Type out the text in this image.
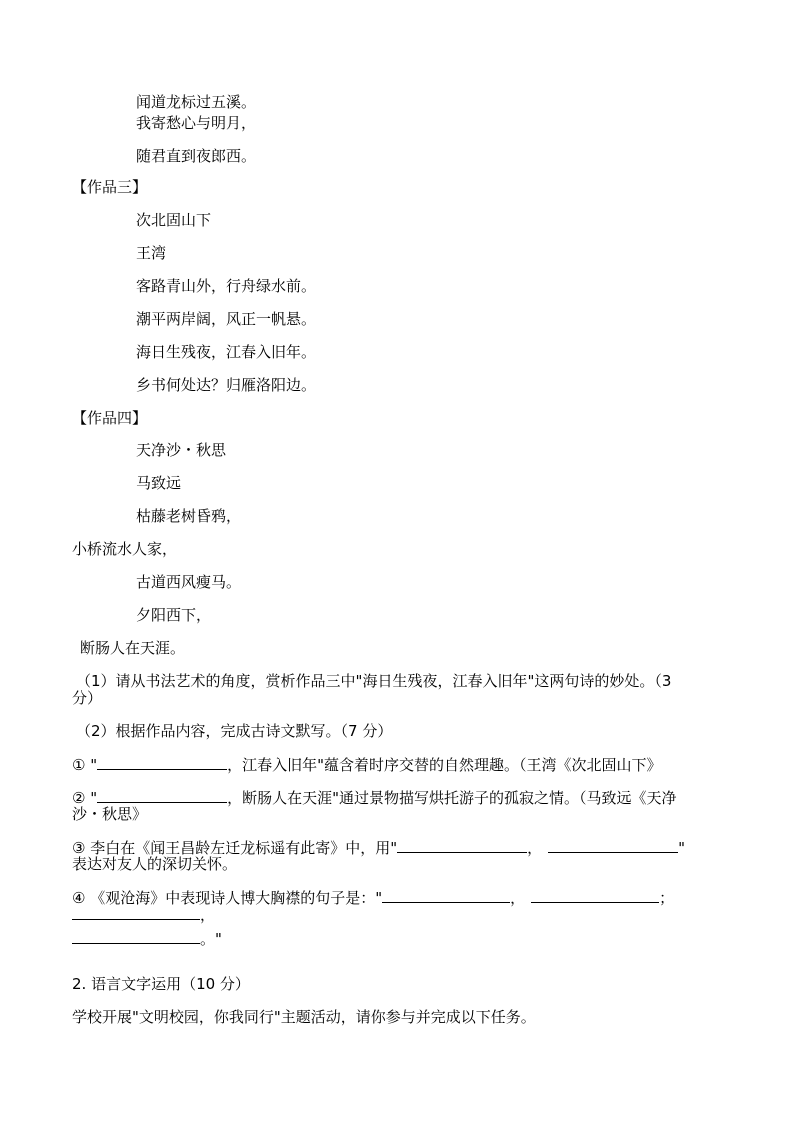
闻道龙标过五溪。
我寄愁心与明月，
随君直到夜郎西。
【作品三】
次北固山下
王湾
客路青山外，行舟绿水前。
潮平两岸阔，风正一帆悬。
海日生残夜，江春入旧年。
乡书何处达？归雁洛阳边。
【作品四】
天净沙・秋思
马致远
枯藤老树昏鸦，
小桥流水人家，
古道西风瘦马。
夕阳西下，
断肠人在天涯。
（1）请从书法艺术的角度，赏析作品三中"海日生残夜，江春入旧年"这两句诗的妙处。（3
分）
（2）根据作品内容，完成古诗文默写。（7 分）
① "	，江春入旧年"蕴含着时序交替的自然理趣。（王湾《次北固山下》
② "	，断肠人在天涯"通过景物描写烘托游子的孤寂之情。（马致远《天净
沙・秋思》
③ 李白在《闻王昌龄左迁龙标遥有此寄》中，用"	，	"
表达对友人的深切关怀。
④ 《观沧海》中表现诗人博大胸襟的句子是："	，	；
，
。"
2. 语言文字运用（10 分）
学校开展"文明校园，你我同行"主题活动，请你参与并完成以下任务。
